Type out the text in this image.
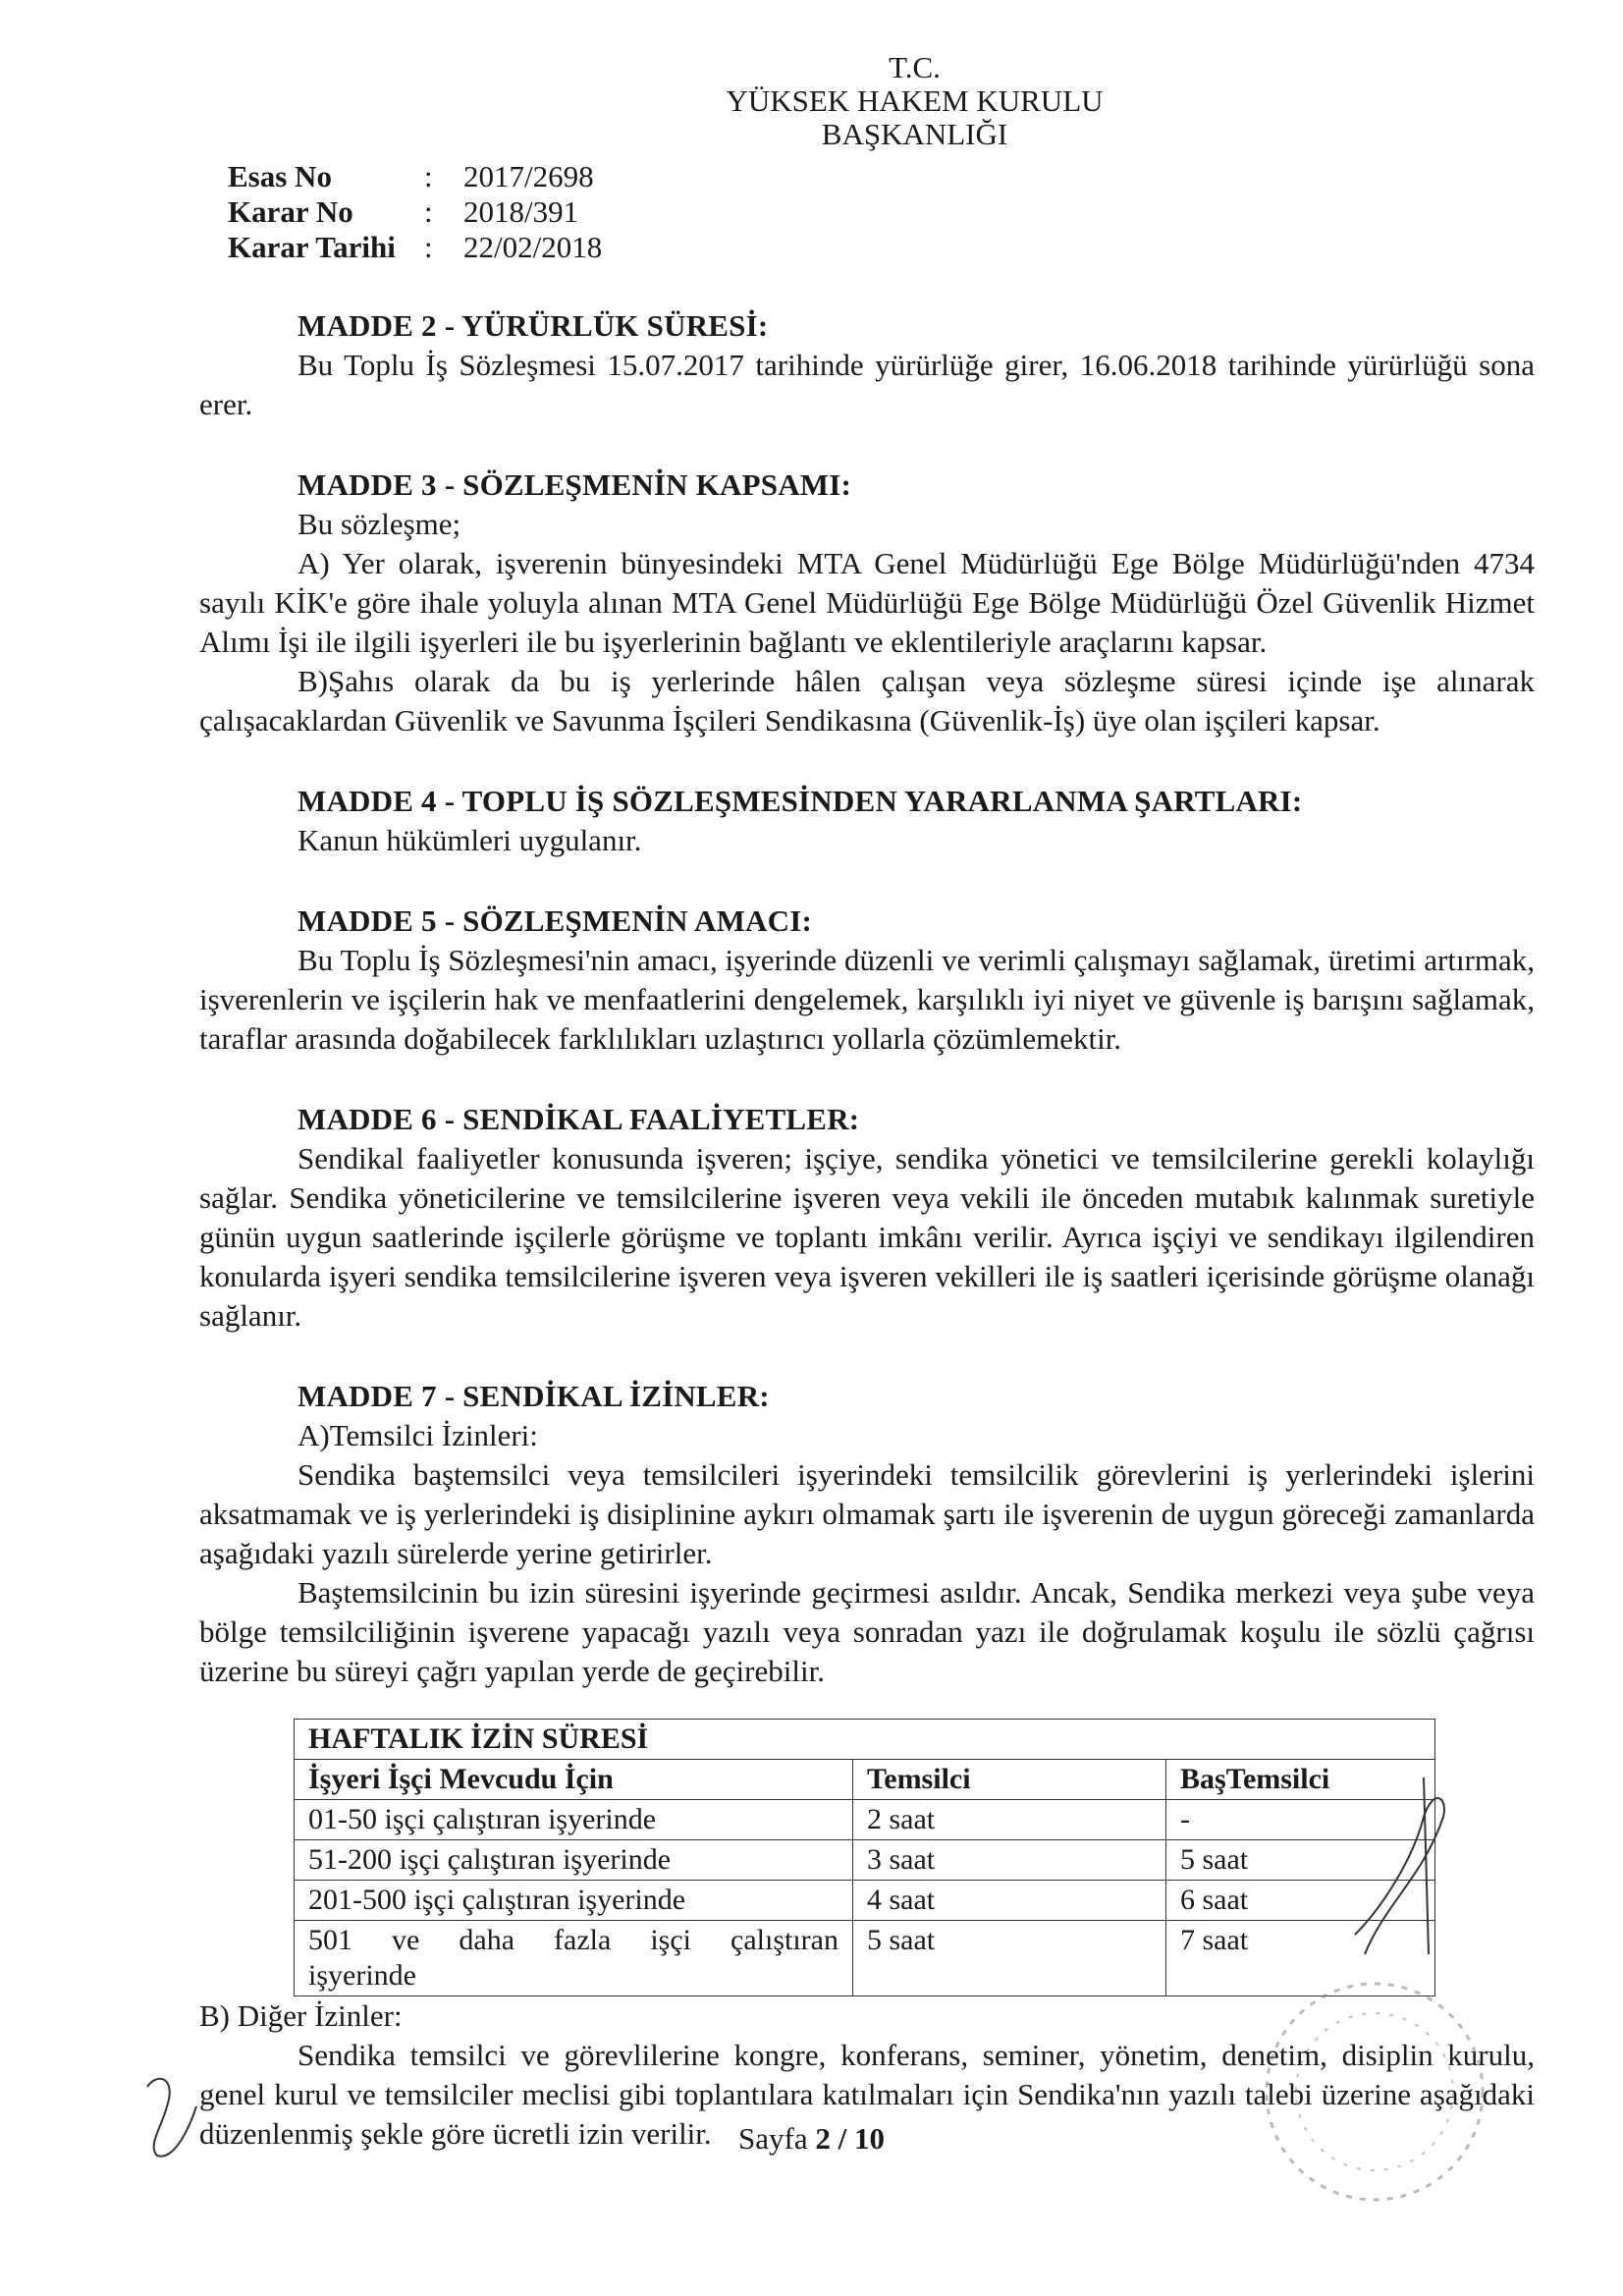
T.C.
YÜKSEK HAKEM KURULU
BAŞKANLIĞI
Esas No	:	2017/2698
Karar No	:	2018/391
Karar Tarihi :	22/02/2018
MADDE 2 - YÜRÜRLÜK SÜRESİ:

Bu Toplu İş Sözleşmesi 15.07.2017 tarihinde yürürlüğe girer, 16.06.2018 tarihinde yürürlüğü sona erer.

MADDE 3 - SÖZLEŞMENİN KAPSAMI:

Bu sözleşme;

A) Yer olarak, işverenin bünyesindeki MTA Genel Müdürlüğü Ege Bölge Müdürlüğü'nden 4734 sayılı KİK'e göre ihale yoluyla alınan MTA Genel Müdürlüğü Ege Bölge Müdürlüğü Özel Güvenlik Hizmet Alımı İşi ile ilgili işyerleri ile bu işyerlerinin bağlantı ve eklentileriyle araçlarını kapsar.

B)Şahıs olarak da bu iş yerlerinde hâlen çalışan veya sözleşme süresi içinde işe alınarak çalışacaklardan Güvenlik ve Savunma İşçileri Sendikasına (Güvenlik-İş) üye olan işçileri kapsar.

MADDE 4 - TOPLU İŞ SÖZLEŞMESİNDEN YARARLANMA ŞARTLARI:

Kanun hükümleri uygulanır.

MADDE 5 - SÖZLEŞMENİN AMACI:

Bu Toplu İş Sözleşmesi'nin amacı, işyerinde düzenli ve verimli çalışmayı sağlamak, üretimi artırmak, işverenlerin ve işçilerin hak ve menfaatlerini dengelemek, karşılıklı iyi niyet ve güvenle iş barışını sağlamak, taraflar arasında doğabilecek farklılıkları uzlaştırıcı yollarla çözümlemektir.

MADDE 6 - SENDİKAL FAALİYETLER:

Sendikal faaliyetler konusunda işveren; işçiye, sendika yönetici ve temsilcilerine gerekli kolaylığı sağlar. Sendika yöneticilerine ve temsilcilerine işveren veya vekili ile önceden mutabık kalınmak suretiyle günün uygun saatlerinde işçilerle görüşme ve toplantı imkânı verilir. Ayrıca işçiyi ve sendikayı ilgilendiren konularda işyeri sendika temsilcilerine işveren veya işveren vekilleri ile iş saatleri içerisinde görüşme olanağı sağlanır.

MADDE 7 - SENDİKAL İZİNLER:

A)Temsilci İzinleri:

Sendika baştemsilci veya temsilcileri işyerindeki temsilcilik görevlerini iş yerlerindeki işlerini aksatmamak ve iş yerlerindeki iş disiplinine aykırı olmamak şartı ile işverenin de uygun göreceği zamanlarda aşağıdaki yazılı sürelerde yerine getirirler.

Baştemsilcinin bu izin süresini işyerinde geçirmesi asıldır. Ancak, Sendika merkezi veya şube veya bölge temsilciliğinin işverene yapacağı yazılı veya sonradan yazı ile doğrulamak koşulu ile sözlü çağrısı üzerine bu süreyi çağrı yapılan yerde de geçirebilir.

HAFTALIK İZİN SÜRESİ		
İşyeri İşçi Mevcudu İçin	Temsilci	BaşTemsilci
01-50 işçi çalıştıran işyerinde	2 saat	-
51-200 işçi çalıştıran işyerinde	3 saat	5 saat
201-500 işçi çalıştıran işyerinde	4 saat	6 saat

501 ve daha fazla işçi çalıştıran
işyerinde	5 saat	7 saat

B) Diğer İzinler:

Sendika temsilci ve görevlilerine kongre, konferans, seminer, yönetim, denetim, disiplin kurulu, genel kurul ve temsilciler meclisi gibi toplantılara katılmaları için Sendika'nın yazılı talebi üzerine aşağıdaki düzenlenmiş şekle göre ücretli izin verilir. Sayfa 2 / 10
